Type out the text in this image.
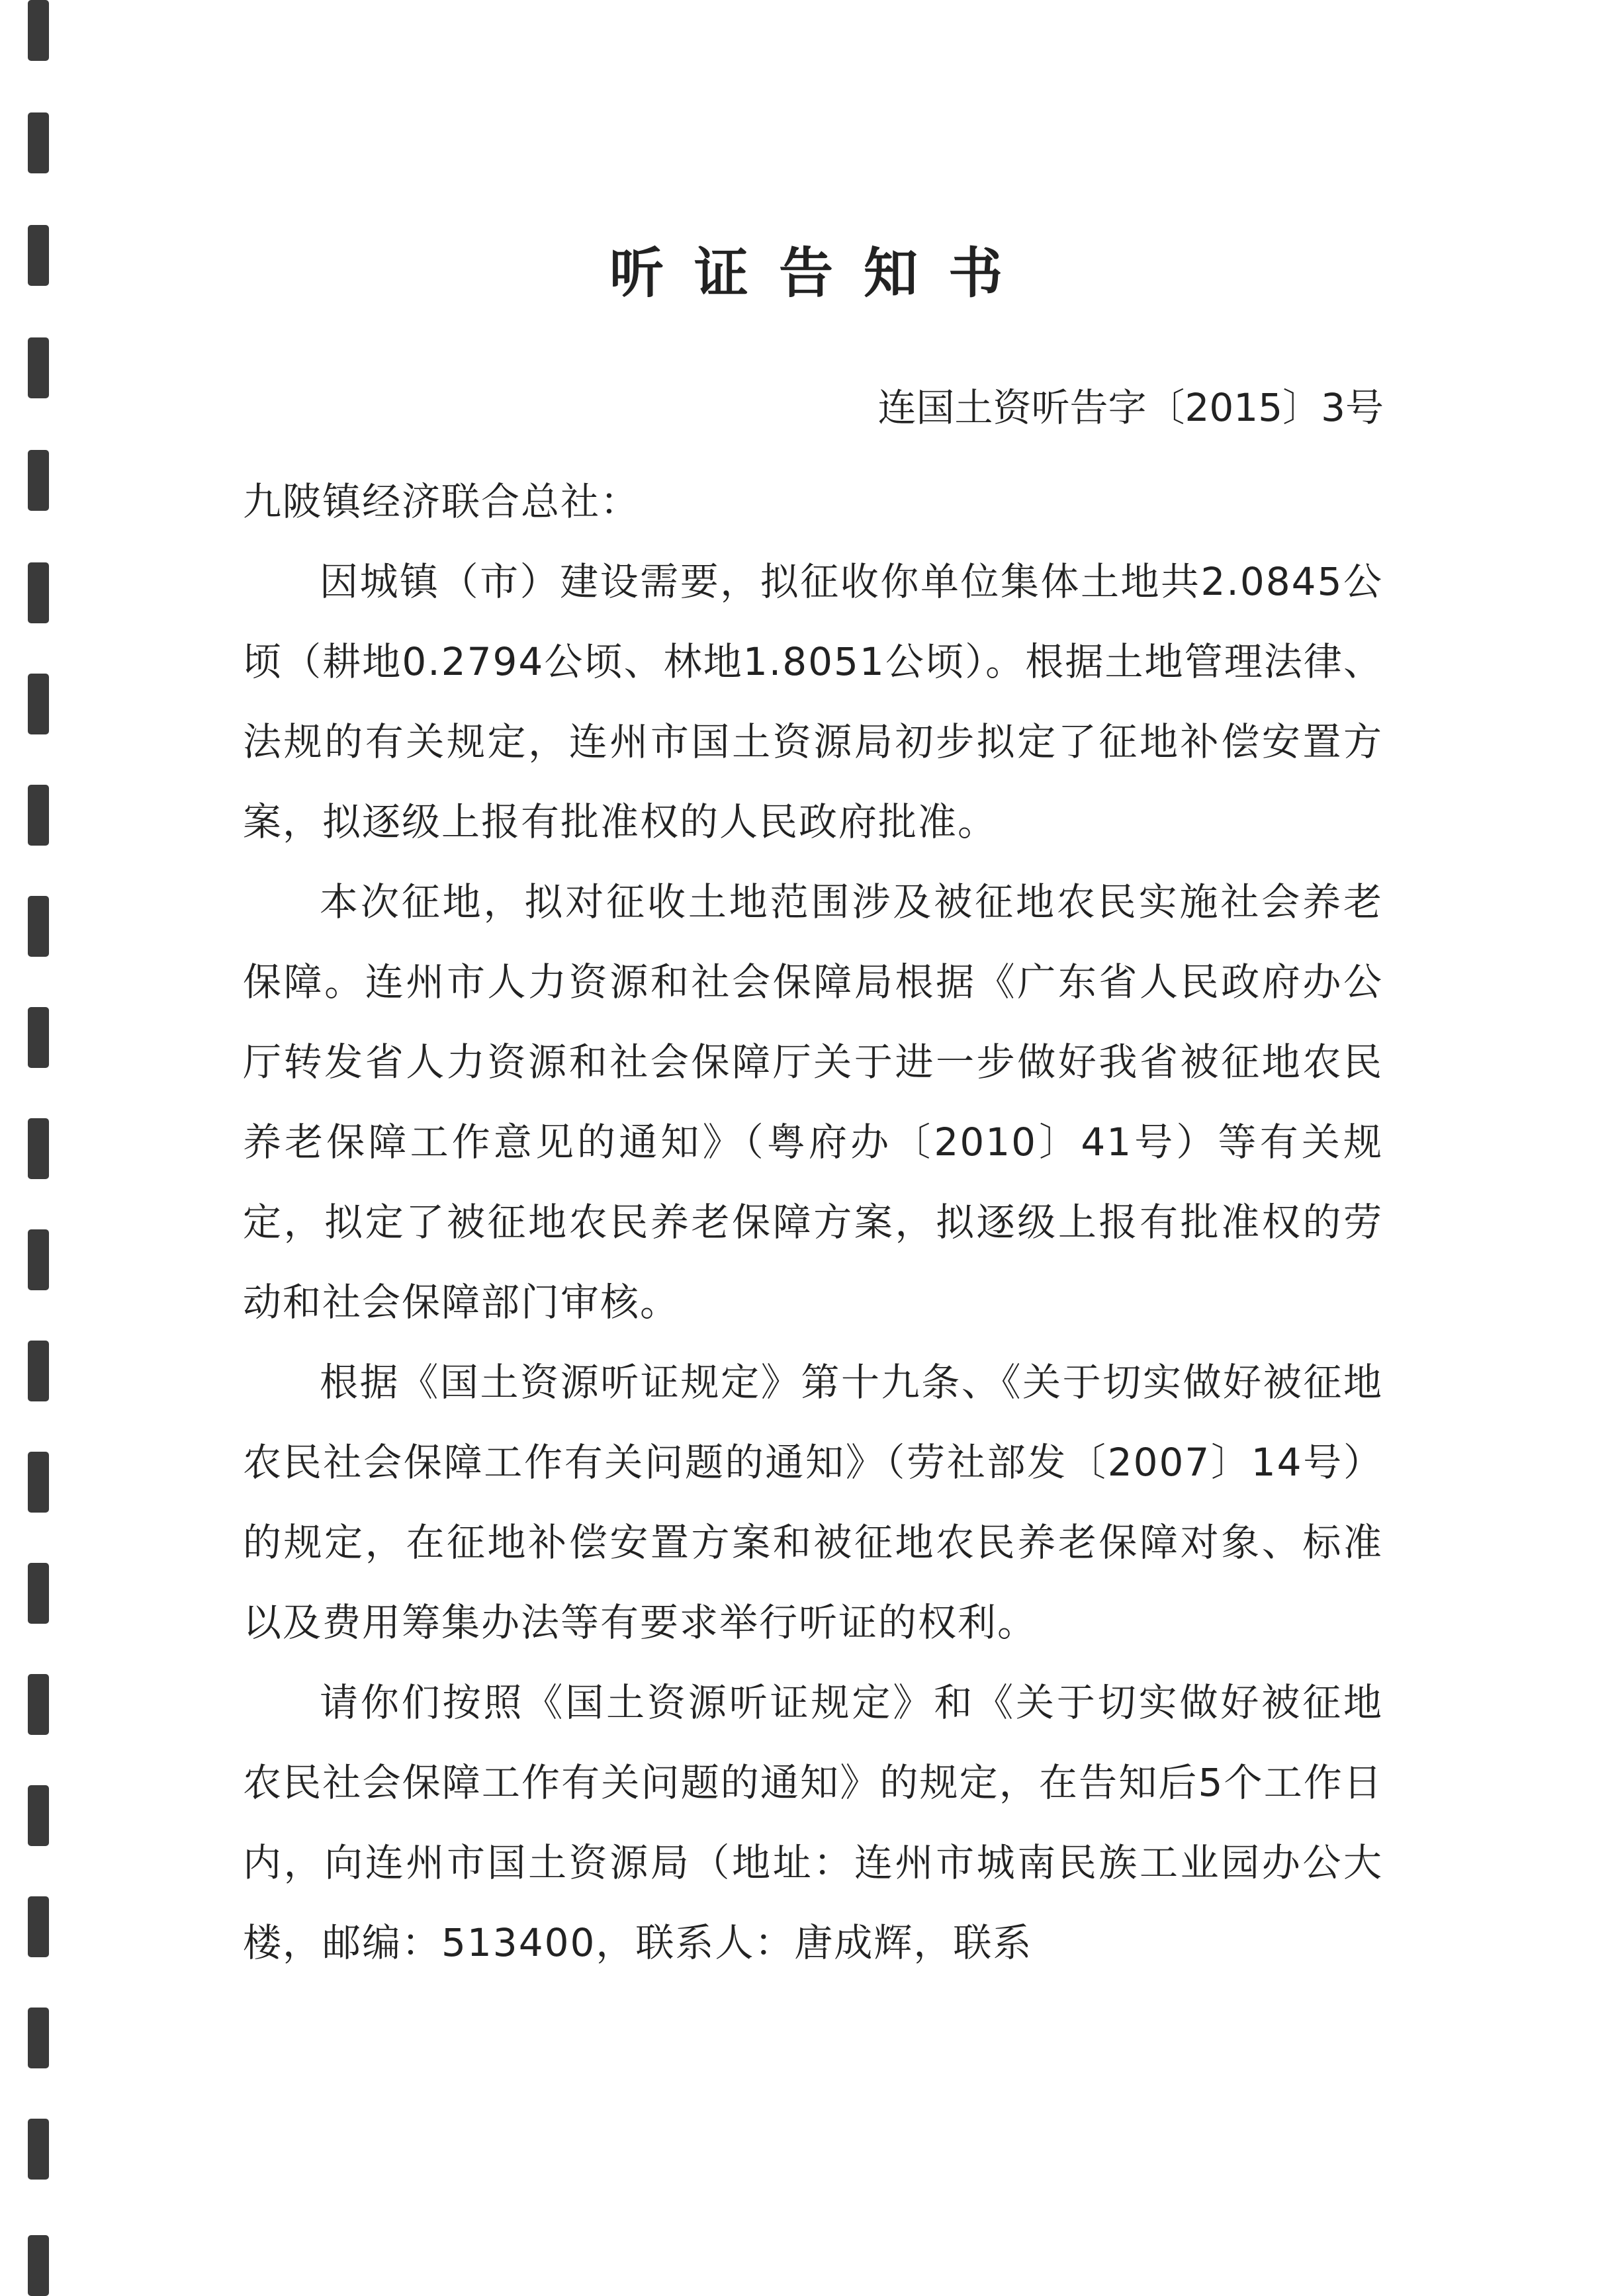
听证告知书
连国土资听告字〔2015〕3号

九陂镇经济联合总社：

因城镇（市）建设需要，拟征收你单位集体土地共2.0845公顷（耕地0.2794公顷、林地1.8051公顷）。根据土地管理法律、法规的有关规定，连州市国土资源局初步拟定了征地补偿安置方案，拟逐级上报有批准权的人民政府批准。

本次征地，拟对征收土地范围涉及被征地农民实施社会养老保障。连州市人力资源和社会保障局根据《广东省人民政府办公厅转发省人力资源和社会保障厅关于进一步做好我省被征地农民养老保障工作意见的通知》（粤府办〔2010〕41号）等有关规定，拟定了被征地农民养老保障方案，拟逐级上报有批准权的劳动和社会保障部门审核。

根据《国土资源听证规定》第十九条、《关于切实做好被征地农民社会保障工作有关问题的通知》（劳社部发〔2007〕14号）的规定，在征地补偿安置方案和被征地农民养老保障对象、标准以及费用筹集办法等有要求举行听证的权利。

请你们按照《国土资源听证规定》和《关于切实做好被征地农民社会保障工作有关问题的通知》的规定，在告知后5个工作日内，向连州市国土资源局（地址：连州市城南民族工业园办公大楼，邮编：513400，联系人：唐成辉，联系
